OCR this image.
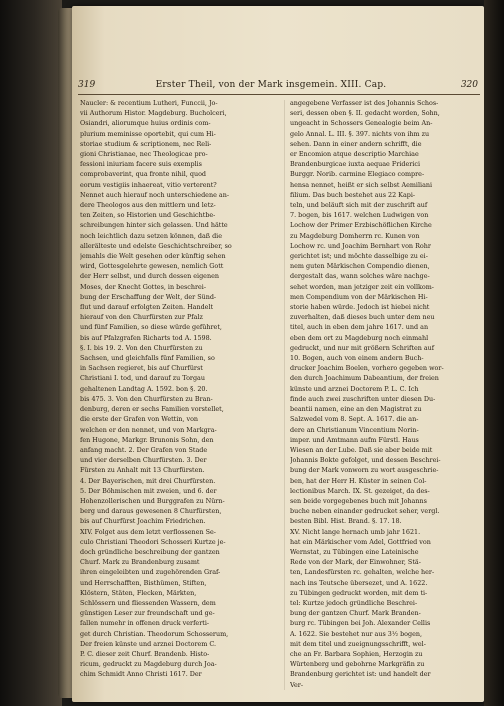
319	Erster Theil, von der Mark insgemein. XIII. Cap.	320
Naucler: & recentium Lutheri, Funccii, Jo-
vii Authorum Histor. Magdeburg. Bucholceri,
Osiandri, aliorumque huius ordinis com-
plurium meminisse oportebit, qui cum Hi-
storiae studium & scriptionem, nec Reli-
gioni Christianae, nec Theologicae pro-
fessioni iniuriam facere suis exemplis
comprobaverint, qua fronte nihil, quod
eorum vestigiis inhaereat, vitio verterent?
Nennet auch hierauf noch unterschiedene an-
dere Theologos aus den mittlern und letz-
ten Zeiten, so Historien und Geschichtbe-
schreibungen hinter sich gelassen. Und hätte
noch leichtlich dazu setzen können, daß die
allerälteste und edelste Geschichtschreiber, so
jemahls die Welt gesehen oder künftig sehen
wird, Gottesgelehrte gewesen, nemlich Gott
der Herr selbst, und durch dessen eigenen
Moses, der Knecht Gottes, in beschrei-
bung der Erschaffung der Welt, der Sünd-
flut und darauf erfolgten Zeiten. Handelt
hierauf von den Churfürsten zur Pfalz
und fünf Familien, so diese würde geführet,
bis auf Pfalzgrafen Richarts tod A. 1598.
§. I. bis 19. 2. Von den Churfürsten zu
Sachsen, und gleichfalls fünf Familien, so
in Sachsen regieret, bis auf Churfürst
Christiani I. tod, und darauf zu Torgau
gehaltenen Landtag A. 1592. bon §. 20.
bis 475. 3. Von den Churfürsten zu Bran-
denburg, deren er sechs Familien vorstellet,
die erste der Grafen von Wettin, von
welchen er den nennet, und von Markgra-
fen Hugone, Markgr. Brunonis Sohn, den
anfang macht. 2. Der Grafen von Stade
und vier derselben Churfürsten. 3. Der
Fürsten zu Anhalt mit 13 Churfürsten.
4. Der Bayerischen, mit drei Churfürsten.
5. Der Böhmischen mit zweien, und 6. der
Hohenzollerischen und Burggrafen zu Nürn-
berg und daraus gewesenen 8 Churfürsten,
bis auf Churfürst Joachim Friedrichen.
XIV. Folget aus dem letzt verflossenen Se-
culo Christiani Theodori Schosseri Kurtze je-
doch gründliche beschreibung der gantzen
Churf. Mark zu Brandenburg zusamt
ihren eingeleibten und zugehörenden Graf-
und Herrschafften, Bisthümen, Stiften,
Klöstern, Stäten, Flecken, Märkten,
Schlössern und fliessenden Wassern, dem
günstigen Leser zur freundschaft und ge-
fallen numehr in offenen druck verferti-
get durch Christian. Theodorum Schosserum,
Der freien künste und arznei Doctorem C.
P. C. dieser zeit Churf. Brandenb. Histo-
ricum, gedruckt zu Magdeburg durch Joa-
chim Schmidt Anno Christi 1617. Der
angegebene Verfasser ist des Johannis Schos-
seri, dessen oben §. II. gedacht worden, Sohn,
ungeacht in Schossers Genealogie beim An-
gelo Annal. L. III. §. 397. nichts von ihm zu
sehen. Dann in einer andern schrifft, die
er Encomion atque descriptio Marchiae
Brandenburgicae iuxta aequae Friderici
Burggr. Norib. carmine Elegiaco compre-
hensa nennet, heißt er sich selbst Aemiliani
filium. Das buch bestehet aus 22 Kapi-
teln, und beläuft sich mit der zuschrift auf
7. bogen, bis 1617. welchen Ludwigen von
Lochow der Primer Erzbischöflichen Kirche
zu Magdeburg Domherrn rc. Kunen von
Lochow rc. und Joachim Bernhart von Rohr
gerichtet ist; und möchte dasselbige zu ei-
nem guten Märkischen Compendio dienen,
dergestalt das, wann solches wäre nachge-
sehet worden, man jetziger zeit ein vollkom-
men Compendium von der Märkischen Hi-
storie haben würde. Jedoch ist hiebei nicht
zuverhalten, daß dieses buch unter dem neu
titel, auch in eben dem jahre 1617. und an
eben dem ort zu Magdeburg noch einmahl
gedruckt, und nur mit größern Schriften auf
10. Bogen, auch von einem andern Buch-
drucker Joachim Boelen, vorhero gegeben wor-
den durch Joachimum Dabeantium, der freien
künste und arznei Doctorem P. L. C. Ich
finde auch zwei zuschriften unter diesen Du-
beantii namen, eine an den Magistrat zu
Salzwedel vom 8. Sept. A. 1617. die an-
dere an Christianum Vincentium Norin-
imper. und Amtmann aufm Fürstl. Haus
Wiesen an der Lube. Daß sie aber beide mit
Johannis Bokte gefolget, und dessen Beschrei-
bung der Mark vonworn zu wort ausgeschrie-
ben, hat der Herr H. Küster in seinen Col-
lectionibus March. IX. St. gezeiget, da des-
sen beide vorgegebenes buch mit Johanns
buche neben einander gedrucket seher, vergl.
besten Bibl. Hist. Brand. §. 17. 18.
XV. Nicht lange hernach umb jahr 1621.
hat ein Märkischer vom Adel, Gottfried von
Wernstat, zu Tübingen eine Lateinische
Rede von der Mark, der Einwohner, Stä-
ten, Landesfürsten rc. gehalten, welche her-
nach ins Teutsche übersezet, und A. 1622.
zu Tübingen gedruckt worden, mit dem ti-
tel: Kurtze jedoch gründliche Beschrei-
bung der gantzen Churf. Mark Branden-
burg rc. Tübingen bei Joh. Alexander Cellis
A. 1622. Sie bestehet nur aus 3½ bogen,
mit dem titel und zueignungsschrifft, wel-
che an Fr. Barbara Sophien, Herzogin zu
Würtenberg und gebohrne Markgräfin zu
Brandenburg gerichtet ist: und handelt der
Ver-
